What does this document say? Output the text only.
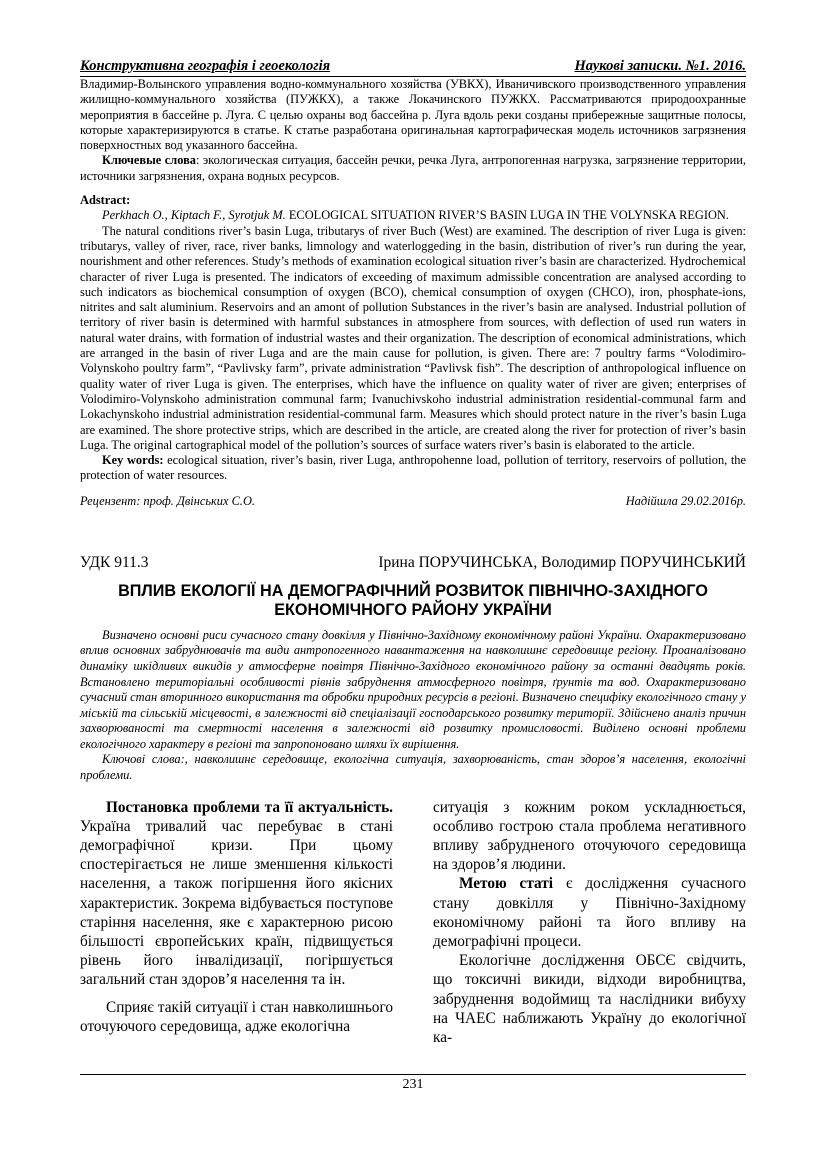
Конструктивна географія і геоекологія	Наукові записки. №1. 2016.

Владимир-Волынского управления водно-коммунального хозяйства (УВКХ), Иваничивского производственного управления жилищно-коммунального хозяйства (ПУЖКХ), а также Локачинского ПУЖКХ. Рассматриваются природоохранные мероприятия в бассейне р. Луга. С целью охраны вод бассейна р. Луга вдоль реки созданы прибережные защитные полосы, которые характеризируются в статье. К статье разработана оригинальная картографическая модель источников загрязнения поверхностных вод указанного бассейна.

Ключевые слова: экологическая ситуация, бассейн речки, речка Луга, антропогенная нагрузка, загрязнение территории, источники загрязнения, охрана водных ресурсов.

Adstract:

Perkhach O., Kiptach F., Syrotjuk M. ECOLOGICAL SITUATION RIVER’S BASIN LUGA IN THE VOLYNSKA REGION.

The natural conditions river’s basin Luga, tributarys of river Buch (West) are examined. The description of river Luga is given: tributarys, valley of river, race, river banks, limnology and waterloggeding in the basin, distribution of river’s run during the year, nourishment and other references. Study’s methods of examination ecological situation river’s basin are characterized. Hydrochemical character of river Luga is presented. The indicators of exceeding of maximum admissible concentration are analysed according to such indicators as biochemical consumption of oxygen (BCO), chemical consumption of oxygen (CHCO), iron, phosphate-ions, nitrites and salt aluminium. Reservoirs and an amont of pollution Substances in the river’s basin are analysed. Industrial pollution of territory of river basin is determined with harmful substances in atmosphere from sources, with deflection of used run waters in natural water drains, with formation of industrial wastes and their organization. The description of economical administrations, which are arranged in the basin of river Luga and are the main cause for pollution, is given. There are: 7 poultry farms “Volodimiro-Volynskoho poultry farm”, “Pavlivsky farm”, private administration “Pavlivsk fish”. The description of anthropological influence on quality water of river Luga is given. The enterprises, which have the influence on quality water of river are given; enterprises of Volodimiro-Volynskoho administration communal farm; Ivanuchivskoho industrial administration residential-communal farm and Lokachynskoho industrial administration residential-communal farm. Measures which should protect nature in the river’s basin Luga are examined. The shore protective strips, which are described in the article, are created along the river for protection of river’s basin Luga. The original cartographical model of the pollution’s sources of surface waters river’s basin is elaborated to the article.

Key words: ecological situation, river’s basin, river Luga, anthropohenne load, pollution of territory, reservoirs of pollution, the protection of water resources.

Рецензент: проф. Двінських С.О.	Надійшла 29.02.2016р.
УДК 911.3	Ірина ПОРУЧИНСЬКА, Володимир ПОРУЧИНСЬКИЙ
ВПЛИВ ЕКОЛОГІЇ НА ДЕМОГРАФІЧНИЙ РОЗВИТОК ПІВНІЧНО-ЗАХІДНОГО ЕКОНОМІЧНОГО РАЙОНУ УКРАЇНИ

Визначено основні риси сучасного стану довкілля у Північно-Західному економічному районі України. Охарактеризовано вплив основних забруднювачів та види антропогенного навантаження на навколишнє середовище регіону. Проаналізовано динаміку шкідливих викидів у атмосферне повітря Північно-Західного економічного району за останні двадцять років. Встановлено територіальні особливості рівнів забруднення атмосферного повітря, ґрунтів та вод. Охарактеризовано сучасний стан вторинного використання та обробки природних ресурсів в регіоні. Визначено специфіку екологічного стану у міській та сільській місцевості, в залежності від спеціалізації господарського розвитку території. Здійснено аналіз причин захворюваності та смертності населення в залежності від розвитку промисловості. Виділено основні проблеми екологічного характеру в регіоні та запропоновано шляхи їх вирішення.

Ключові слова:, навколишнє середовище, екологічна ситуація, захворюваність, стан здоров’я населення, екологічні проблеми.

Постановка проблеми та її актуальність. Україна тривалий час перебуває в стані демографічної кризи. При цьому спостерігається не лише зменшення кількості населення, а також погіршення його якісних характеристик. Зокрема відбувається поступове старіння населення, яке є характерною рисою більшості європейських країн, підвищується рівень його інвалідизації, погіршується загальний стан здоров’я населення та ін.

Сприяє такій ситуації і стан навколишнього оточуючого середовища, адже екологічна

ситуація з кожним роком ускладнюється, особливо гострою стала проблема негативного впливу забрудненого оточуючого середовища на здоров’я людини.

Метою статі є дослідження сучасного стану довкілля у Північно-Західному економічному районі та його впливу на демографічні процеси.

Екологічне дослідження ОБСЄ свідчить, що токсичні викиди, відходи виробництва, забруднення водоймищ та наслідники вибуху на ЧАЕС наближають Україну до екологічної ка-

231
